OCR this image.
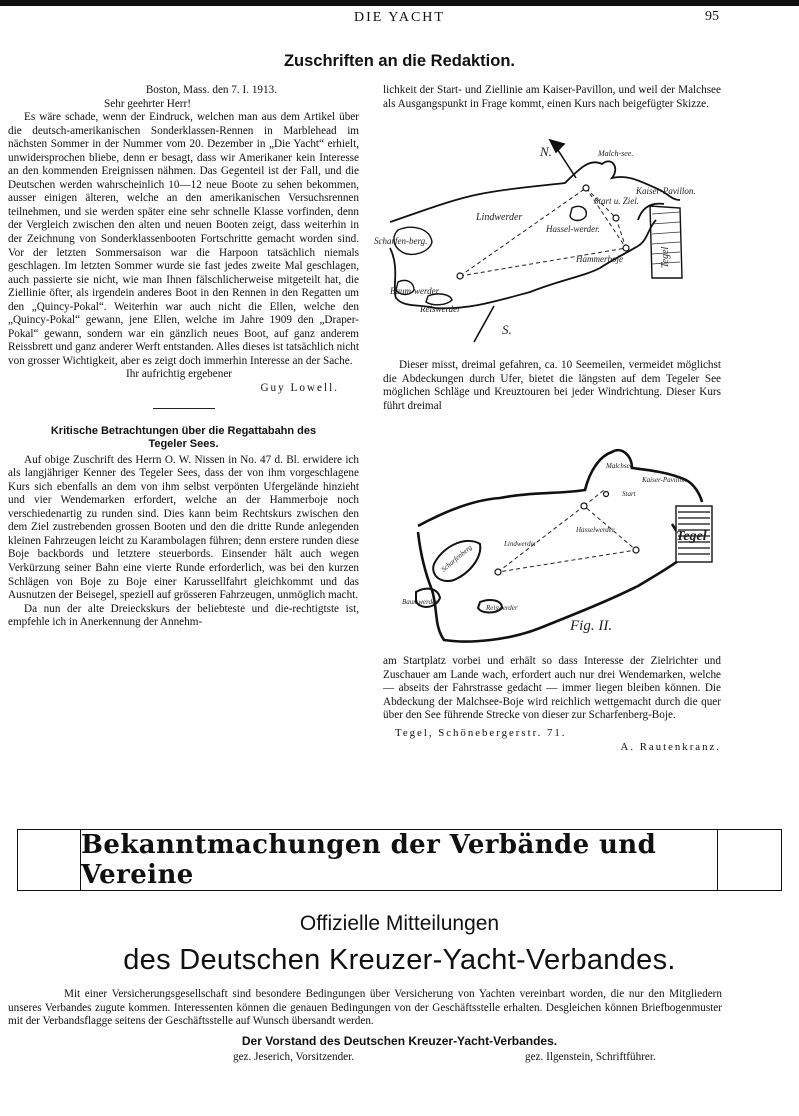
DIE YACHT	95
Zuschriften an die Redaktion.

Boston, Mass. den 7. I. 1913.

Sehr geehrter Herr!

Es wäre schade, wenn der Eindruck, welchen man aus dem Artikel über die deutsch-amerikanischen Sonderklassen-Rennen in Marblehead im nächsten Sommer in der Nummer vom 20. Dezember in „Die Yacht“ erhielt, unwidersprochen bliebe, denn er besagt, dass wir Amerikaner kein Interesse an den kommenden Ereignissen nähmen. Das Gegenteil ist der Fall, und die Deutschen werden wahrscheinlich 10—12 neue Boote zu sehen bekommen, ausser einigen älteren, welche an den amerikanischen Versuchsrennen teilnehmen, und sie werden später eine sehr schnelle Klasse vorfinden, denn der Vergleich zwischen den alten und neuen Booten zeigt, dass weiterhin in der Zeichnung von Sonderklassenbooten Fortschritte gemacht worden sind. Vor der letzten Sommersaison war die Harpoon tatsächlich niemals geschlagen. Im letzten Sommer wurde sie fast jedes zweite Mal geschlagen, auch passierte sie nicht, wie man Ihnen fälschlicherweise mitgeteilt hat, die Ziellinie öfter, als irgendein anderes Boot in den Rennen in den Regatten um den „Quincy-Pokal“. Weiterhin war auch nicht die Ellen, welche den „Quincy-Pokal“ gewann, jene Ellen, welche im Jahre 1909 den „Draper-Pokal“ gewann, sondern war ein gänzlich neues Boot, auf ganz anderem Reissbrett und ganz anderer Werft entstanden. Alles dieses ist tatsächlich nicht von grosser Wichtigkeit, aber es zeigt doch immerhin Interesse an der Sache.

Ihr aufrichtig ergebener

Guy Lowell.

Kritische Betrachtungen über die Regattabahn des
Tegeler Sees.

Auf obige Zuschrift des Herrn O. W. Nissen in No. 47 d. Bl. erwidere ich als langjähriger Kenner des Tegeler Sees, dass der von ihm vorgeschlagene Kurs sich ebenfalls an dem von ihm selbst verpönten Ufergelände hinzieht und vier Wendemarken erfordert, welche an der Hammerboje noch verschiedenartig zu runden sind. Dies kann beim Rechtskurs zwischen den dem Ziel zustrebenden grossen Booten und den die dritte Runde anlegenden kleinen Fahrzeugen leicht zu Karambolagen führen; denn erstere runden diese Boje backbords und letztere steuerbords. Einsender hält auch wegen Verkürzung seiner Bahn eine vierte Runde erforderlich, was bei den kurzen Schlägen von Boje zu Boje einer Karussellfahrt gleichkommt und das Ausnutzen der Beisegel, speziell auf grösseren Fahrzeugen, unmöglich macht.

Da nun der alte Dreieckskurs der beliebteste und die-rechtigtste ist, empfehle ich in Anerkennung der Annehm-

lichkeit der Start- und Ziellinie am Kaiser-Pavillon, und weil der Malchsee als Ausgangspunkt in Frage kommt, einen Kurs nach beigefügter Skizze.

N.
S.
Malch-see.
Kaiser-Pavillon.
Start u. Ziel.
Lindwerder
Hassel-werder.
Scharfen-berg.
Hammerboje	Tegel
Baum-werder
Reiswerder

Dieser misst, dreimal gefahren, ca. 10 Seemeilen, vermeidet möglichst die Abdeckungen durch Ufer, bietet die längsten auf dem Tegeler See möglichen Schläge und Kreuztouren bei jeder Windrichtung. Dieser Kurs führt dreimal

Malchsee
Kaiser-Pavillon
Start
Lindwerder
Hasselwerder	Tegel
Scharfenberg
Baumwerder
Reiswerder
Fig. II.

am Startplatz vorbei und erhält so dass Interesse der Zielrichter und Zuschauer am Lande wach, erfordert auch nur drei Wendemarken, welche — abseits der Fahrstrasse gedacht — immer liegen bleiben können. Die Abdeckung der Malchsee-Boje wird reichlich wettgemacht durch die quer über den See führende Strecke von dieser zur Scharfenberg-Boje.

Tegel, Schönebergerstr. 71.
A. Rautenkranz.
Bekanntmachungen der Verbände und Vereine
Offizielle Mitteilungen
des Deutschen Kreuzer-Yacht-Verbandes.

Mit einer Versicherungsgesellschaft sind besondere Bedingungen über Versicherung von Yachten vereinbart worden, die nur den Mitgliedern unseres Verbandes zugute kommen. Interessenten können die genauen Bedingungen von der Geschäftsstelle erhalten. Desgleichen können Briefbogenmuster mit der Verbandsflagge seitens der Geschäftsstelle auf Wunsch übersandt werden.

Der Vorstand des Deutschen Kreuzer-Yacht-Verbandes.
gez. Jeserich, Vorsitzender.	gez. Ilgenstein, Schriftführer.
